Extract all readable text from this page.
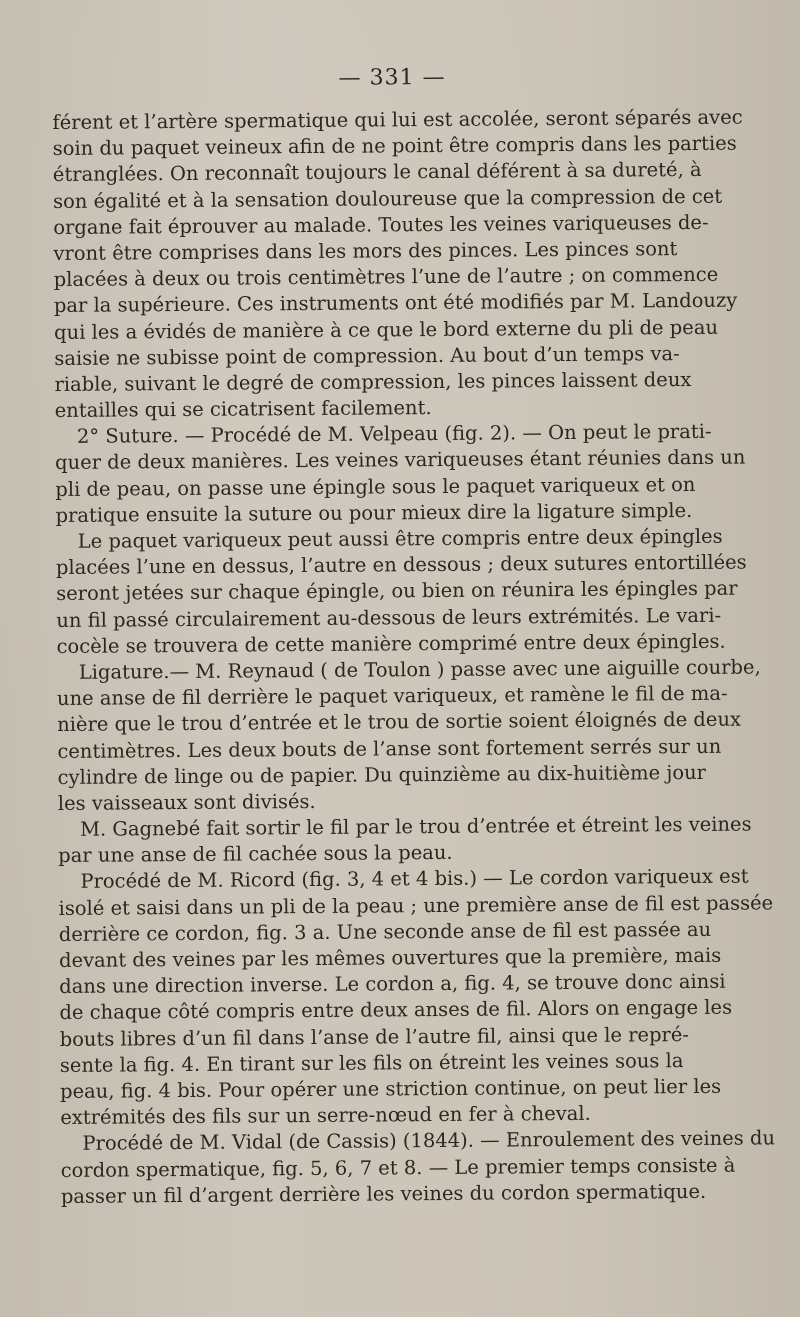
— 331 —
férent et l’artère spermatique qui lui est accolée, seront séparés avec
soin du paquet veineux afin de ne point être compris dans les parties
étranglées. On reconnaît toujours le canal déférent à sa dureté, à
son égalité et à la sensation douloureuse que la compression de cet
organe fait éprouver au malade. Toutes les veines variqueuses de-
vront être comprises dans les mors des pinces. Les pinces sont
placées à deux ou trois centimètres l’une de l’autre ; on commence
par la supérieure. Ces instruments ont été modifiés par M. Landouzy
qui les a évidés de manière à ce que le bord externe du pli de peau
saisie ne subisse point de compression. Au bout d’un temps va-
riable, suivant le degré de compression, les pinces laissent deux
entailles qui se cicatrisent facilement.
2° Suture. — Procédé de M. Velpeau (fig. 2). — On peut le prati-
quer de deux manières. Les veines variqueuses étant réunies dans un
pli de peau, on passe une épingle sous le paquet variqueux et on
pratique ensuite la suture ou pour mieux dire la ligature simple.
Le paquet variqueux peut aussi être compris entre deux épingles
placées l’une en dessus, l’autre en dessous ; deux sutures entortillées
seront jetées sur chaque épingle, ou bien on réunira les épingles par
un fil passé circulairement au-dessous de leurs extrémités. Le vari-
cocèle se trouvera de cette manière comprimé entre deux épingles.
Ligature.— M. Reynaud ( de Toulon ) passe avec une aiguille courbe,
une anse de fil derrière le paquet variqueux, et ramène le fil de ma-
nière que le trou d’entrée et le trou de sortie soient éloignés de deux
centimètres. Les deux bouts de l’anse sont fortement serrés sur un
cylindre de linge ou de papier. Du quinzième au dix-huitième jour
les vaisseaux sont divisés.
M. Gagnebé fait sortir le fil par le trou d’entrée et étreint les veines
par une anse de fil cachée sous la peau.
Procédé de M. Ricord (fig. 3, 4 et 4 bis.) — Le cordon variqueux est
isolé et saisi dans un pli de la peau ; une première anse de fil est passée
derrière ce cordon, fig. 3 a. Une seconde anse de fil est passée au
devant des veines par les mêmes ouvertures que la première, mais
dans une direction inverse. Le cordon a, fig. 4, se trouve donc ainsi
de chaque côté compris entre deux anses de fil. Alors on engage les
bouts libres d’un fil dans l’anse de l’autre fil, ainsi que le repré-
sente la fig. 4. En tirant sur les fils on étreint les veines sous la
peau, fig. 4 bis. Pour opérer une striction continue, on peut lier les
extrémités des fils sur un serre-nœud en fer à cheval.
Procédé de M. Vidal (de Cassis) (1844). — Enroulement des veines du
cordon spermatique, fig. 5, 6, 7 et 8. — Le premier temps consiste à
passer un fil d’argent derrière les veines du cordon spermatique.
